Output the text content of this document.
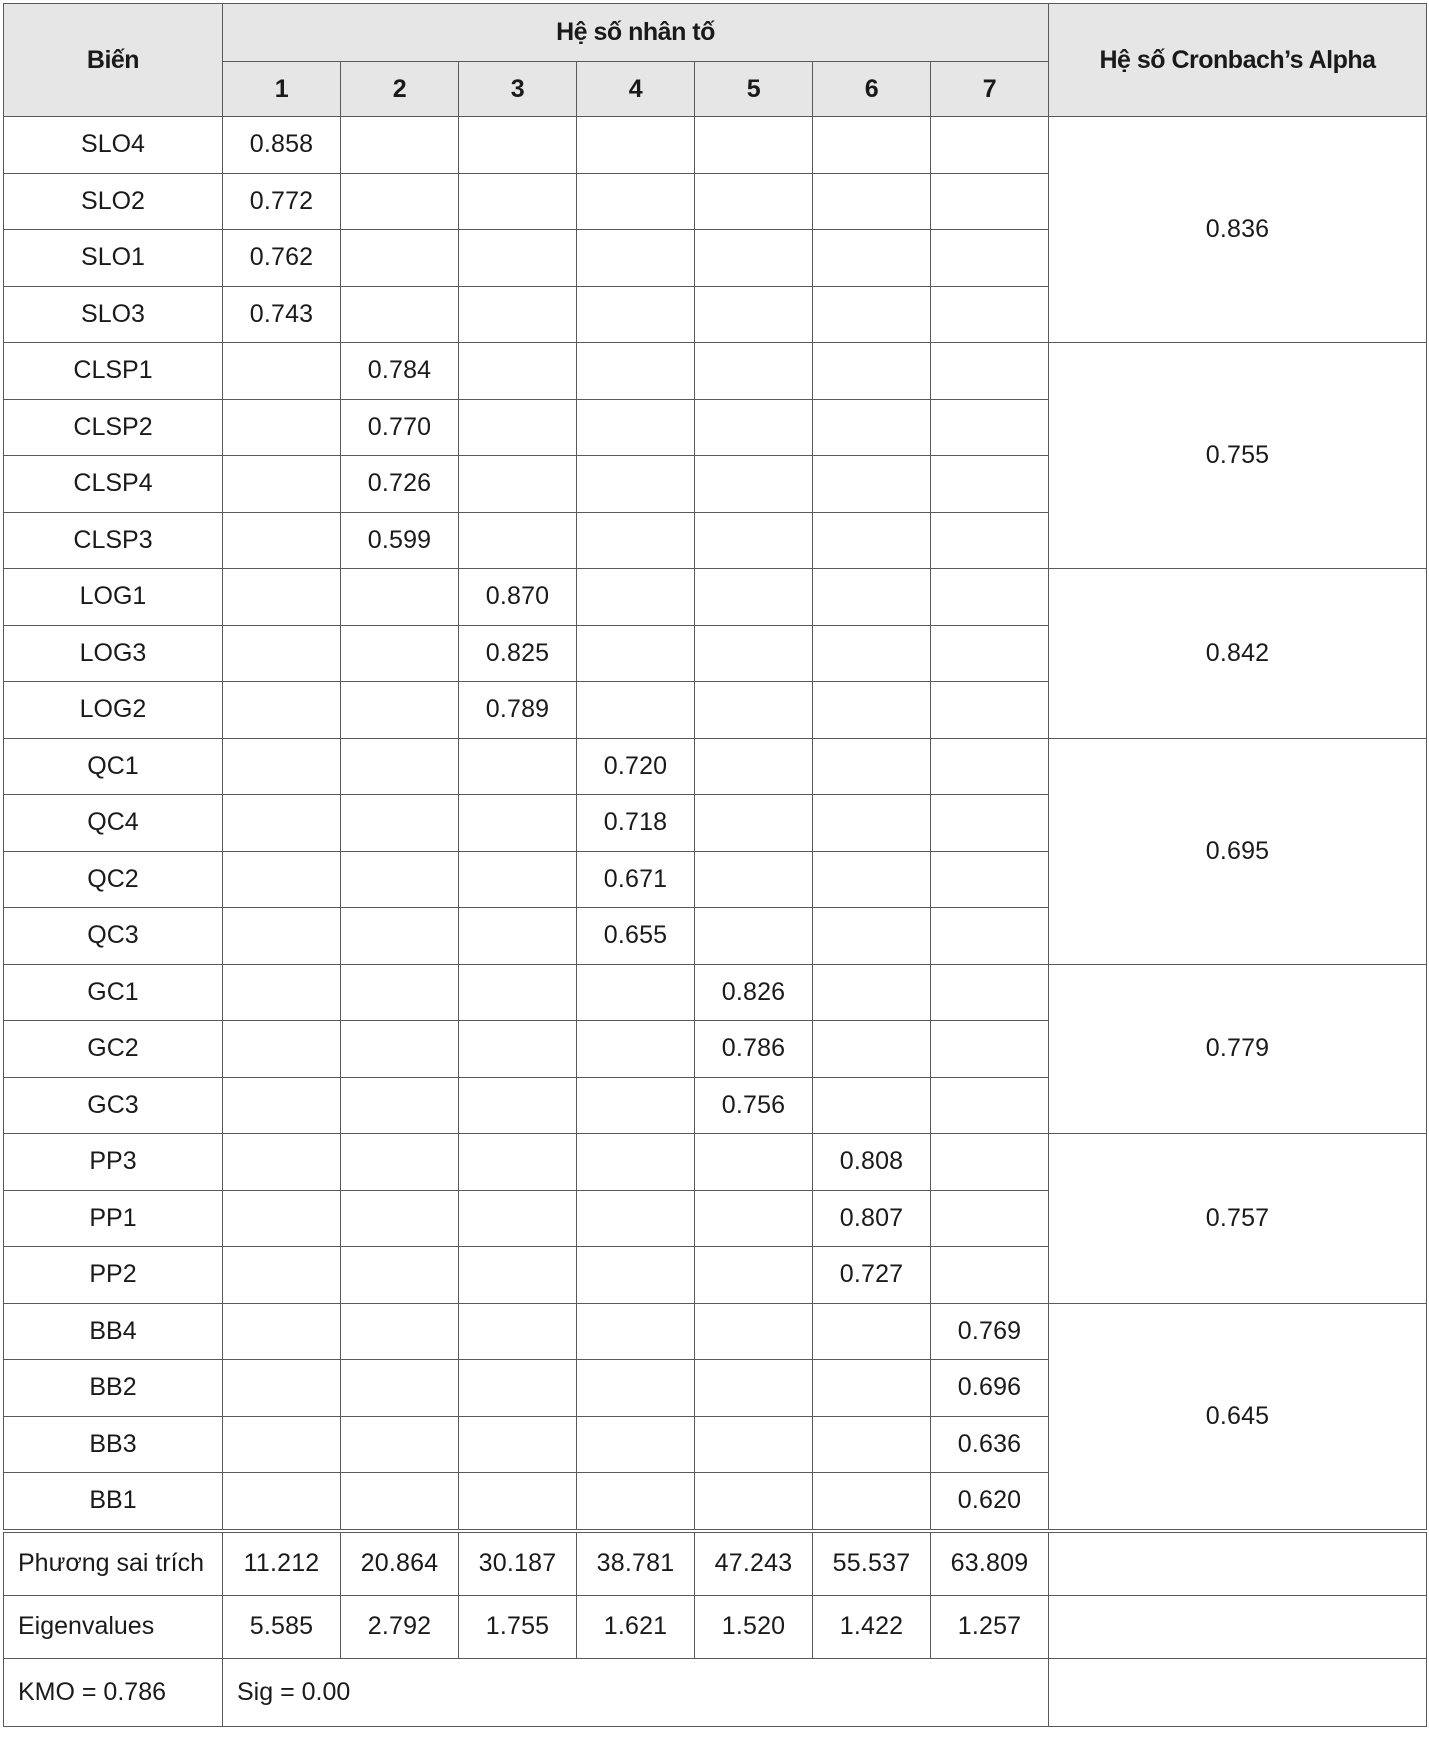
Biến	Hệ số nhân tố							Hệ số Cronbach’s Alpha
	1	2	3	4	5	6	7	
SLO4	0.858							0.836
SLO2	0.772							
SLO1	0.762							
SLO3	0.743							
CLSP1		0.784						0.755
CLSP2		0.770						
CLSP4		0.726						
CLSP3		0.599						
LOG1			0.870					0.842
LOG3			0.825					
LOG2			0.789					
QC1				0.720				0.695
QC4				0.718				
QC2				0.671				
QC3				0.655				
GC1					0.826			0.779
GC2					0.786			
GC3					0.756			
PP3						0.808		0.757
PP1						0.807		
PP2						0.727		
BB4							0.769	0.645
BB2							0.696	
BB3							0.636	
BB1							0.620	
Phương sai trích	11.212	20.864	30.187	38.781	47.243	55.537	63.809	
Eigenvalues	5.585	2.792	1.755	1.621	1.520	1.422	1.257	
KMO = 0.786	Sig = 0.00							
